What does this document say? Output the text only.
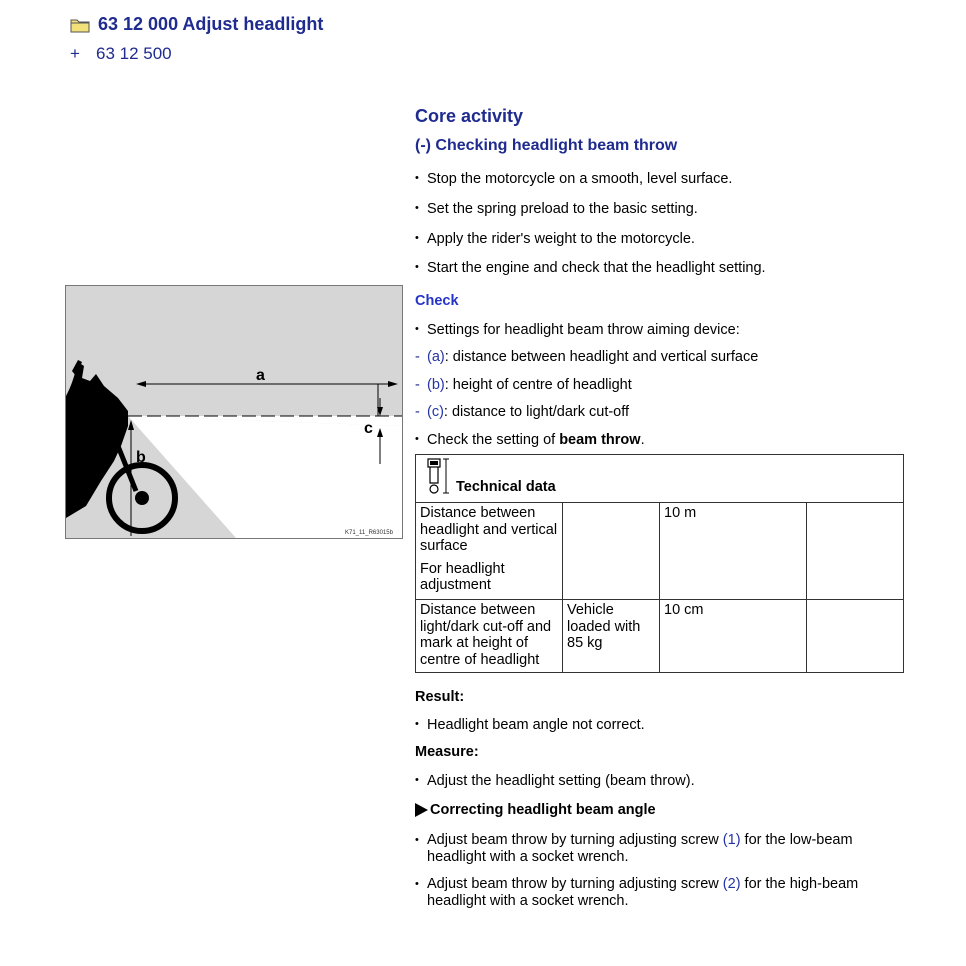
63 12 000 Adjust headlight
+ 63 12 500
a
b
c
K71_11_R63015b
Core activity
(-) Checking headlight beam throw
• Stop the motorcycle on a smooth, level surface.
• Set the spring preload to the basic setting.
• Apply the rider's weight to the motorcycle.
• Start the engine and check that the headlight setting.
Check
• Settings for headlight beam throw aiming device:
- (a): distance between headlight and vertical surface
- (b): height of centre of headlight
- (c): distance to light/dark cut-off
• Check the setting of beam throw.
Technical data			

Distance between headlight and vertical surface
For headlight adjustment		10 m	
Distance between light/dark cut-off and mark at height of centre of headlight	Vehicle loaded with 85 kg	10 cm	
Result:
• Headlight beam angle not correct.
Measure:
• Adjust the headlight setting (beam throw).
Correcting headlight beam angle
• Adjust beam throw by turning adjusting screw (1) for the low-beam headlight with a socket wrench.
• Adjust beam throw by turning adjusting screw (2) for the high-beam headlight with a socket wrench.
